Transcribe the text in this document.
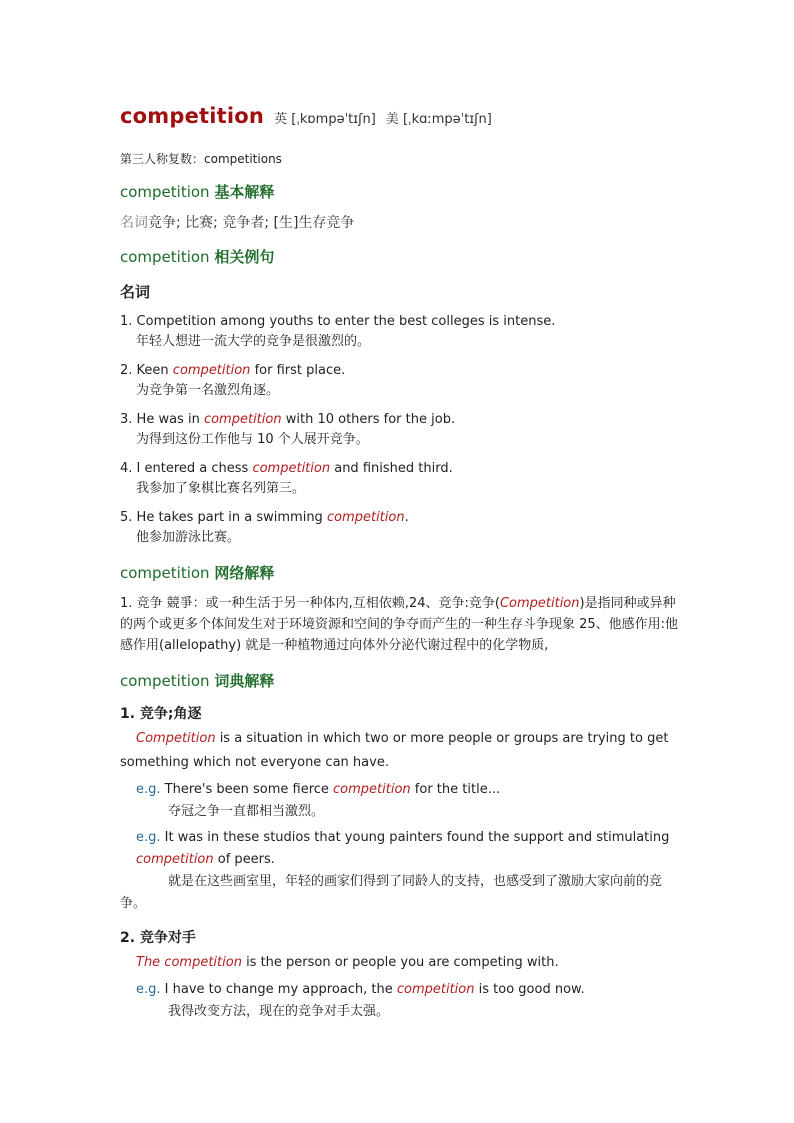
competition 英 [ˌkɒmpəˈtɪʃn] 美 [ˌkɑːmpəˈtɪʃn]
第三人称复数：competitions
competition 基本解释
名词竞争; 比赛; 竞争者; [生]生存竞争
competition 相关例句
名词
1. Competition among youths to enter the best colleges is intense.
年轻人想进一流大学的竞争是很激烈的。
2. Keen competition for first place.
为竞争第一名激烈角逐。
3. He was in competition with 10 others for the job.
为得到这份工作他与 10 个人展开竞争。
4. I entered a chess competition and finished third.
我参加了象棋比赛名列第三。
5. He takes part in a swimming competition.
他参加游泳比赛。
competition 网络解释
1. 竞争 競爭：或一种生活于另一种体内,互相依赖,24、竞争:竞争(Competition)是指同种或异种的两个或更多个体间发生对于环境资源和空间的争夺而产生的一种生存斗争现象 25、他感作用:他感作用(allelopathy) 就是一种植物通过向体外分泌代谢过程中的化学物质,
competition 词典解释
1. 竞争;角逐
Competition is a situation in which two or more people or groups are trying to get something which not everyone can have.
e.g. There's been some fierce competition for the title...
夺冠之争一直都相当激烈。
e.g. It was in these studios that young painters found the support and stimulating competition of peers.
就是在这些画室里，年轻的画家们得到了同龄人的支持，也感受到了激励大家向前的竞争。
2. 竞争对手
The competition is the person or people you are competing with.
e.g. I have to change my approach, the competition is too good now.
我得改变方法，现在的竞争对手太强。
